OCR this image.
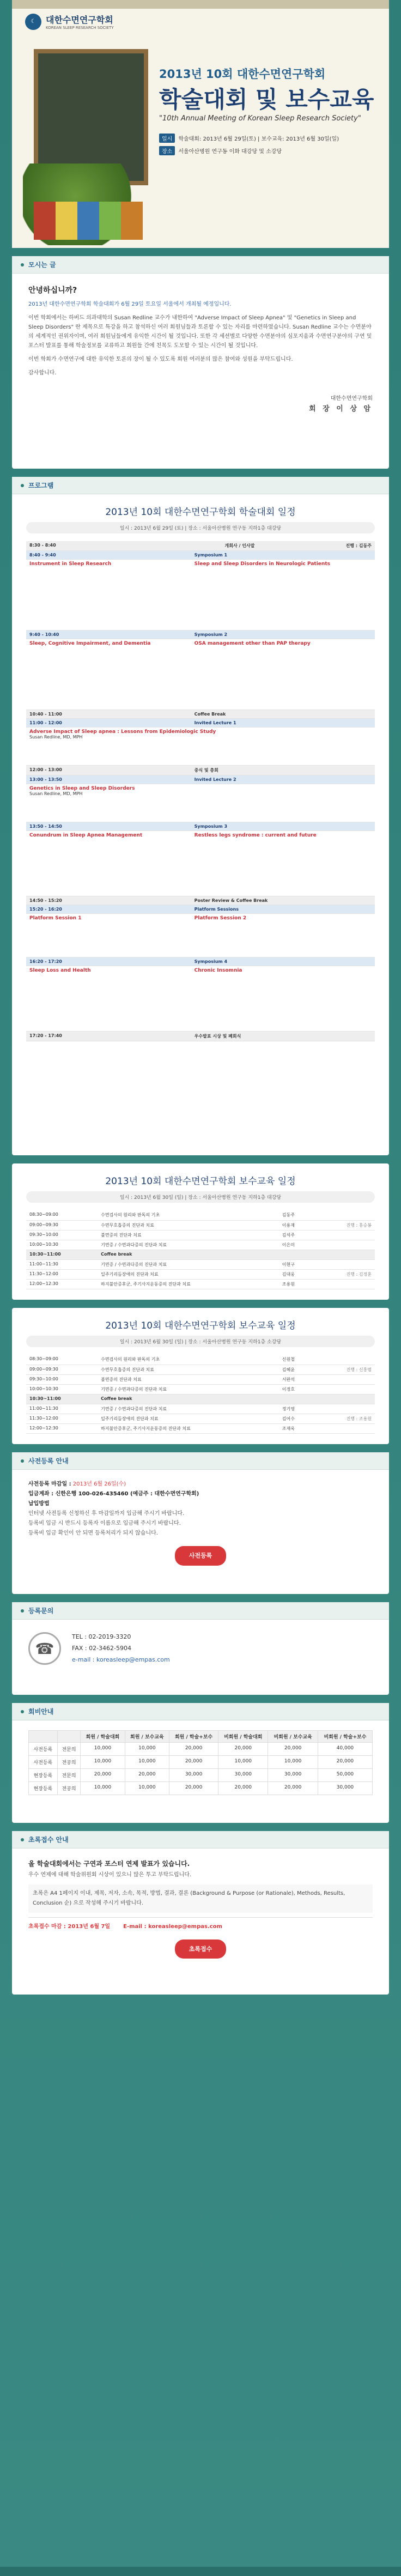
☾	대한수면연구학회
KOREAN SLEEP RESEARCH SOCIETY
2013년 10회 대한수면연구학회
학술대회 및 보수교육
"10th Annual Meeting of Korean Sleep Research Society"
일시	학술대회: 2013년 6월 29일(토) | 보수교육: 2013년 6월 30일(일)
장소	서울아산병원 연구동 이화 대강당 및 소강당
모시는 글
안녕하십니까?
2013년 대한수면연구학회 학술대회가 6월 29일 토요일 서울에서 개최될 예정입니다.

이번 학회에서는 하버드 의과대학의 Susan Redline 교수가 내한하여 "Adverse Impact of Sleep Apnea" 및 "Genetics in Sleep and Sleep Disorders" 란 제목으로 특강을 하고 참석하신 여러 회원님들과 토론할 수 있는 자리를 마련하였습니다. Susan Redline 교수는 수면분야의 세계적인 권위자이며, 여러 회원님들에게 유익한 시간이 될 것입니다. 또한 각 세션별로 다양한 수면분야의 심포지움과 수면연구분야의 구연 및 포스터 발표를 통해 학술정보를 교류하고 회원들 간에 친목도 도모할 수 있는 시간이 될 것입니다.

이번 학회가 수면연구에 대한 유익한 토론의 장이 될 수 있도록 회원 여러분의 많은 참여와 성원을 부탁드립니다.

감사합니다.

대한수면연구학회
회 장 이 상 암
프로그램
2013년 10회 대한수면연구학회 학술대회 일정
일시 : 2013년 6월 29일 (토) | 장소 : 서울아산병원 연구동 지하1층 대강당
8:30 - 8:40	개회사 / 인사말	진행 : 김동주
8:40 - 9:40	Symposium 1	

Instrument in Sleep Research	Sleep and Sleep Disorders in Neurologic Patients	

9:40 - 10:40	Symposium 2	

Sleep, Cognitive Impairment, and Dementia	OSA management other than PAP therapy	

10:40 - 11:00	Coffee Break	
11:00 - 12:00	Invited Lecture 1	

Adverse Impact of Sleep apnea : Lessons from Epidemiologic Study
Susan Redline, MD, MPH		

12:00 - 13:00	중식 및 총회	
13:00 - 13:50	Invited Lecture 2	

Genetics in Sleep and Sleep Disorders
Susan Redline, MD, MPH		

13:50 - 14:50	Symposium 3	

Conundrum in Sleep Apnea Management	Restless legs syndrome : current and future	

14:50 - 15:20	Poster Review & Coffee Break	
15:20 - 16:20	Platform Sessions	

Platform Session 1	Platform Session 2	

16:20 - 17:20	Symposium 4	

Sleep Loss and Health	Chronic Insomnia	

17:20 - 17:40	우수발표 시상 및 폐회식	
2013년 10회 대한수면연구학회 보수교육 일정
일시 : 2013년 6월 30일 (일) | 장소 : 서울아산병원 연구동 지하1층 대강당
08:30~09:00	수면검사의 원리와 판독의 기초	김동주	
09:00~09:30	수면무호흡증의 진단과 치료	이용재	진행 : 홍승봉
09:30~10:00	불면증의 진단과 치료	김석주	
10:00~10:30	기면증 / 수면과다증의 진단과 치료	이은미	
10:30~11:00	Coffee break		
11:00~11:30	기면증 / 수면과다증의 진단과 치료	이현구	
11:30~12:00	일주기리듬장애의 진단과 치료	김대웅	진행 : 김정훈
12:00~12:30	하지불안증후군, 주기사지운동증의 진단과 치료	조용원	
2013년 10회 대한수면연구학회 보수교육 일정
일시 : 2013년 6월 30일 (일) | 장소 : 서울아산병원 연구동 지하1층 소강당
08:30~09:00	수면검사의 원리와 판독의 기초	신원철	
09:00~09:30	수면무호흡증의 진단과 치료	김혜윤	진행 : 신홍범
09:30~10:00	불면증의 진단과 치료	서완석	
10:00~10:30	기면증 / 수면과다증의 진단과 치료	이정호	
10:30~11:00	Coffee break		
11:00~11:30	기면증 / 수면과다증의 진단과 치료	정기영	
11:30~12:00	일주기리듬장애의 진단과 치료	김어수	진행 : 조용원
12:00~12:30	하지불안증후군, 주기사지운동증의 진단과 치료	조재욱	
사전등록 안내
사전등록 마감일 : 2013년 6월 26일(수)
입금계좌 : 신한은행 100-026-435460 (예금주 : 대한수면연구학회)
납입방법
인터넷 사전등록 신청하신 후 마감일까지 입금해 주시기 바랍니다.
등록비 입금 시 반드시 등록자 이름으로 입금해 주시기 바랍니다.
등록비 입금 확인이 안 되면 등록처리가 되지 않습니다.
사전등록
등록문의
☎
TEL : 02-2019-3320
FAX : 02-3462-5904
e-mail : koreasleep@empas.com
회비안내
		회원 / 학술대회	회원 / 보수교육	회원 / 학술+보수	비회원 / 학술대회	비회원 / 보수교육	비회원 / 학술+보수
사전등록	전문의	10,000	10,000	20,000	20,000	20,000	40,000
사전등록	전공의	10,000	10,000	20,000	10,000	10,000	20,000
현장등록	전문의	20,000	20,000	30,000	30,000	30,000	50,000
현장등록	전공의	10,000	10,000	20,000	20,000	20,000	30,000
초록접수 안내
올 학술대회에서는 구연과 포스터 연제 발표가 있습니다.
우수 연제에 대해 학술위원회 시상이 있으니 많은 투고 부탁드립니다.
초록은 A4 1페이지 이내, 제목, 저자, 소속, 목적, 방법, 결과, 결론 (Background & Purpose (or Rationale), Methods, Results, Conclusion 순) 으로 작성해 주시기 바랍니다.
초록접수 마감 : 2013년 6월 7일 E-mail : koreasleep@empas.com
초록접수
